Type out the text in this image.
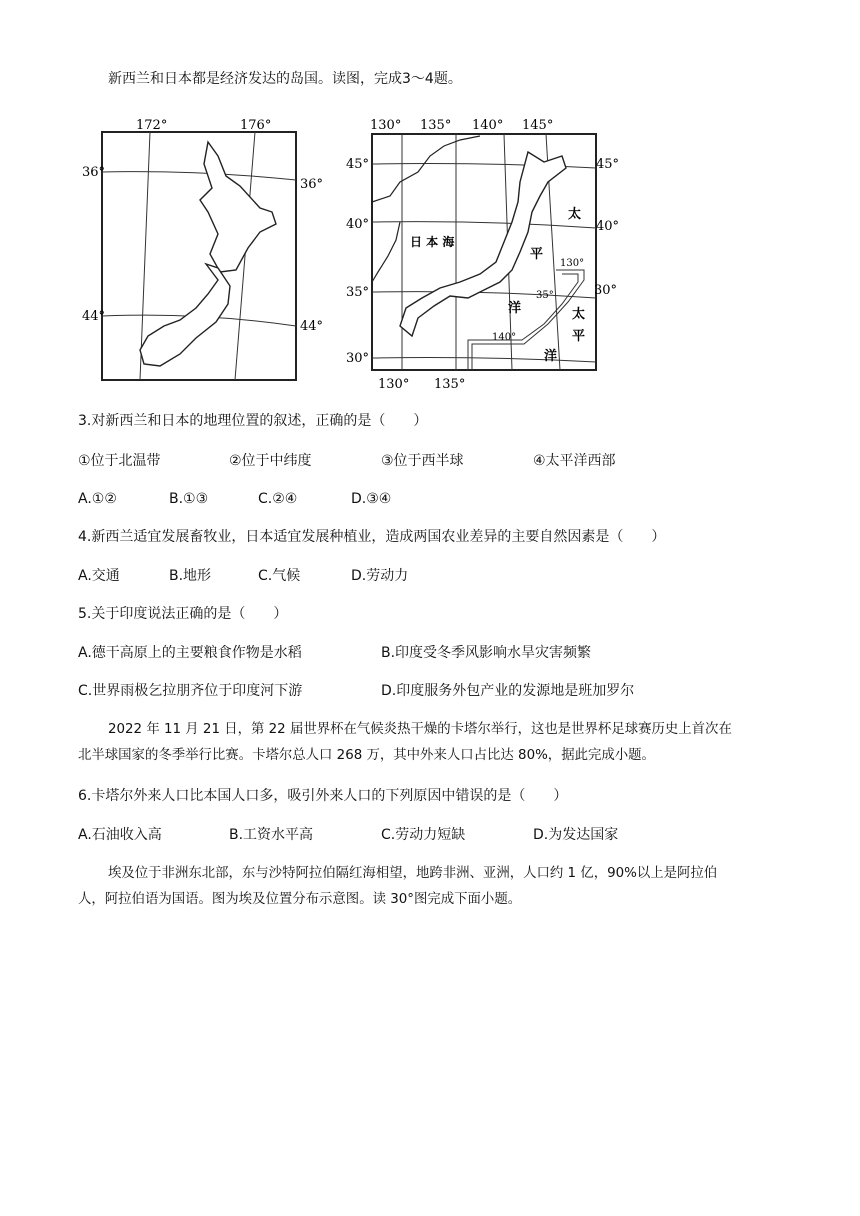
新西兰和日本都是经济发达的岛国。读图，完成3～4题。
172°	176°
36°
36°
44°
44°
130° 135° 140° 145°
130° 135°
45°
40°
35°
30°
45°
40°
30°
130°
35°
140°
日 本 海
太
平
洋	太
平
洋
3.对新西兰和日本的地理位置的叙述，正确的是（　　）
①位于北温带	②位于中纬度	③位于西半球	④太平洋西部
A.①②	B.①③	C.②④	D.③④
4.新西兰适宜发展畜牧业，日本适宜发展种植业，造成两国农业差异的主要自然因素是（　　）
A.交通	B.地形	C.气候	D.劳动力
5.关于印度说法正确的是（　　）
A.德干高原上的主要粮食作物是水稻	B.印度受冬季风影响水旱灾害频繁
C.世界雨极乞拉朋齐位于印度河下游	D.印度服务外包产业的发源地是班加罗尔
2022 年 11 月 21 日，第 22 届世界杯在气候炎热干燥的卡塔尔举行，这也是世界杯足球赛历史上首次在
北半球国家的冬季举行比赛。卡塔尔总人口 268 万，其中外来人口占比达 80%，据此完成小题。
6.卡塔尔外来人口比本国人口多，吸引外来人口的下列原因中错误的是（　　）
A.石油收入高	B.工资水平高	C.劳动力短缺	D.为发达国家
埃及位于非洲东北部，东与沙特阿拉伯隔红海相望，地跨非洲、亚洲，人口约 1 亿，90%以上是阿拉伯
人，阿拉伯语为国语。图为埃及位置分布示意图。读 30°图完成下面小题。
